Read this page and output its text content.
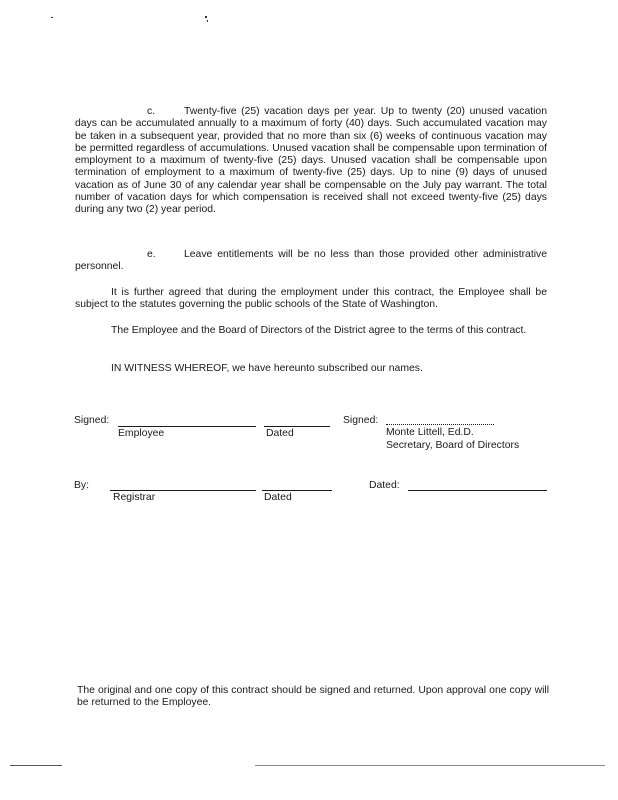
c.	Twenty-five (25) vacation days per year. Up to twenty (20) unused vacation days can be accumulated annually to a maximum of forty (40) days. Such accumulated vacation may be taken in a subsequent year, provided that no more than six (6) weeks of continuous vacation may be permitted regardless of accumulations. Unused vacation shall be compensable upon termination of employment to a maximum of twenty-five (25) days. Unused vacation shall be compensable upon termination of employment to a maximum of twenty-five (25) days. Up to nine (9) days of unused vacation as of June 30 of any calendar year shall be compensable on the July pay warrant. The total number of vacation days for which compensation is received shall not exceed twenty-five (25) days during any two (2) year period.
e.	Leave entitlements will be no less than those provided other administrative personnel.
It is further agreed that during the employment under this contract, the Employee shall be subject to the statutes governing the public schools of the State of Washington.
The Employee and the Board of Directors of the District agree to the terms of this contract.
IN WITNESS WHEREOF, we have hereunto subscribed our names.
Signed:
Employee	Dated
Signed:
Monte Littell, Ed.D.
Secretary, Board of Directors
By:
Registrar	Dated
Dated:
The original and one copy of this contract should be signed and returned. Upon approval one copy will be returned to the Employee.
